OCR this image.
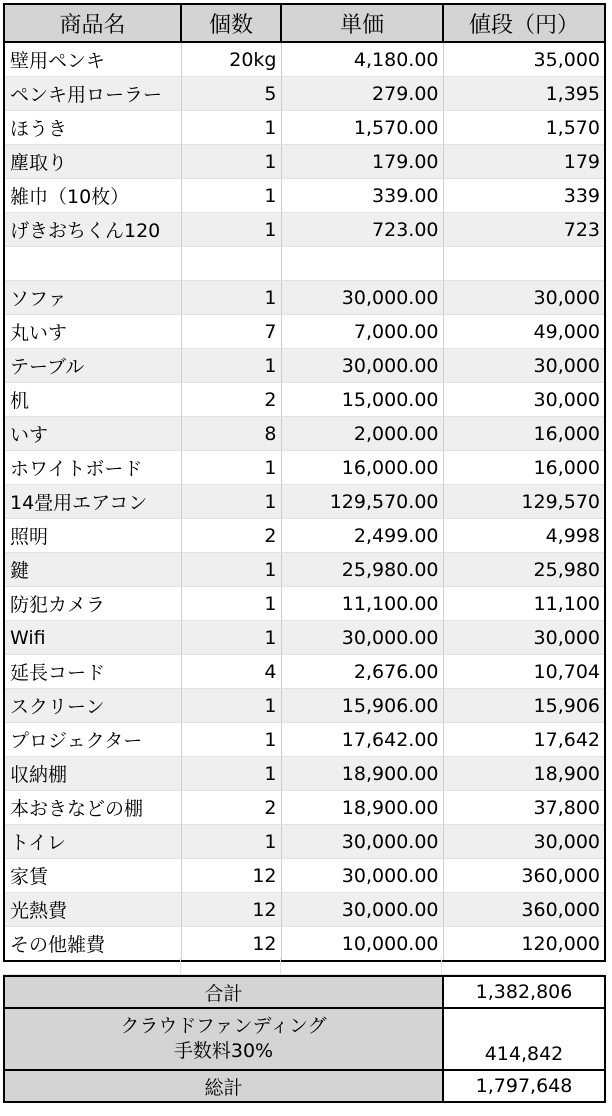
商品名	個数	単価	値段（円）
壁用ペンキ	20kg	4,180.00	35,000
ペンキ用ローラー	5	279.00	1,395
ほうき	1	1,570.00	1,570
塵取り	1	179.00	179
雑巾（10枚）	1	339.00	339
げきおちくん120	1	723.00	723

ソファ	1	30,000.00	30,000
丸いす	7	7,000.00	49,000
テーブル	1	30,000.00	30,000
机	2	15,000.00	30,000
いす	8	2,000.00	16,000
ホワイトボード	1	16,000.00	16,000
14畳用エアコン	1	129,570.00	129,570
照明	2	2,499.00	4,998
鍵	1	25,980.00	25,980
防犯カメラ	1	11,100.00	11,100
Wifi	1	30,000.00	30,000
延長コード	4	2,676.00	10,704
スクリーン	1	15,906.00	15,906
プロジェクター	1	17,642.00	17,642
収納棚	1	18,900.00	18,900
本おきなどの棚	2	18,900.00	37,800
トイレ	1	30,000.00	30,000
家賃	12	30,000.00	360,000
光熱費	12	30,000.00	360,000
その他雑費	12	10,000.00	120,000
合計	1,382,806

クラウドファンディング
手数料30%	414,842
総計	1,797,648
